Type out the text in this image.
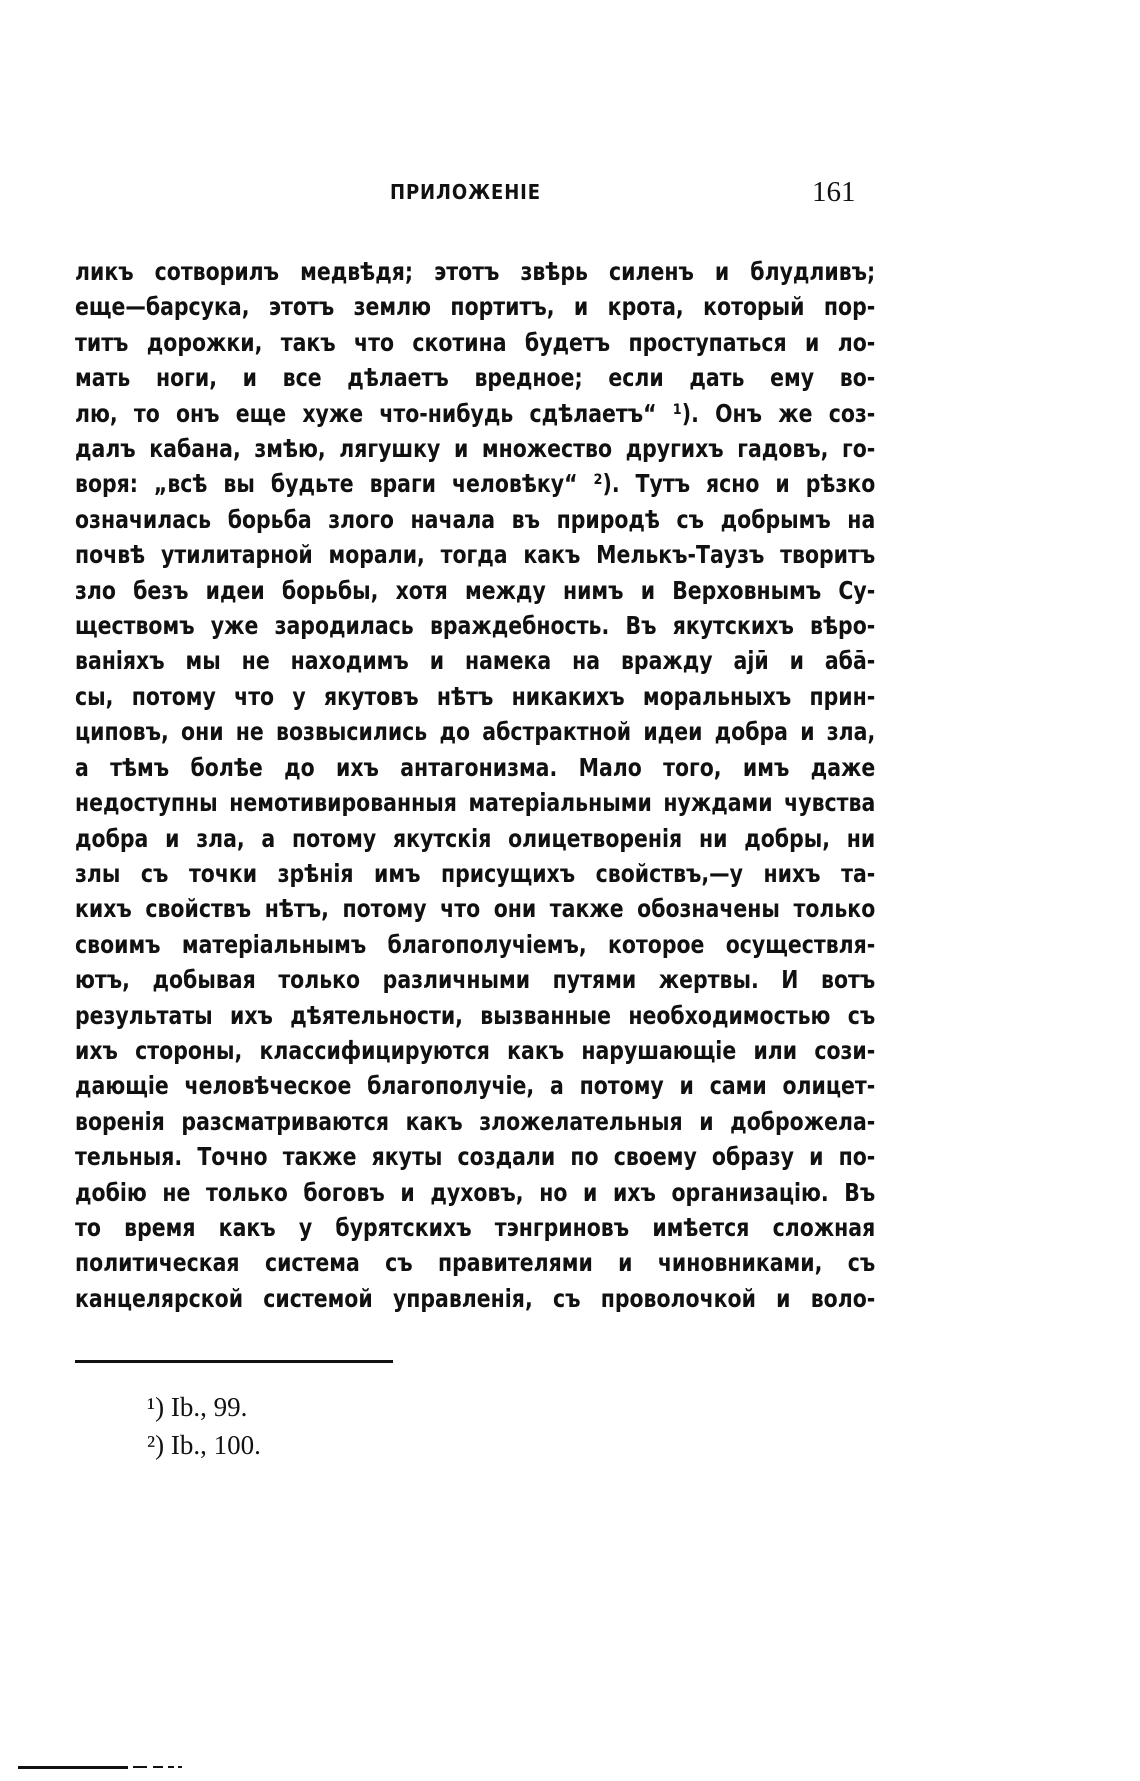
ПРИЛОЖЕНІЕ	161
ликъ сотворилъ медвѣдя; этотъ звѣрь силенъ и блудливъ;
еще—барсука, этотъ землю портитъ, и крота, который пор-
титъ дорожки, такъ что скотина будетъ проступаться и ло-
мать ноги, и все дѣлаетъ вредное; если дать ему во-
лю, то онъ еще хуже что-нибудь сдѣлаетъ“ ¹). Онъ же соз-
далъ кабана, змѣю, лягушку и множество другихъ гадовъ, го-
воря: „всѣ вы будьте враги человѣку“ ²). Тутъ ясно и рѣзко
означилась борьба злого начала въ природѣ съ добрымъ на
почвѣ утилитарной морали, тогда какъ Мелькъ-Таузъ творитъ
зло безъ идеи борьбы, хотя между нимъ и Верховнымъ Су-
ществомъ уже зародилась враждебность. Въ якутскихъ вѣро-
ваніяхъ мы не находимъ и намека на вражду аjӣ и абā-
сы, потому что у якутовъ нѣтъ никакихъ моральныхъ прин-
циповъ, они не возвысились до абстрактной идеи добра и зла,
а тѣмъ болѣе до ихъ антагонизма. Мало того, имъ даже
недоступны немотивированныя матеріальными нуждами чувства
добра и зла, а потому якутскія олицетворенія ни добры, ни
злы съ точки зрѣнія имъ присущихъ свойствъ,—у нихъ та-
кихъ свойствъ нѣтъ, потому что они также обозначены только
своимъ матеріальнымъ благополучіемъ, которое осуществля-
ютъ, добывая только различными путями жертвы. И вотъ
результаты ихъ дѣятельности, вызванные необходимостью съ
ихъ стороны, классифицируются какъ нарушающіе или сози-
дающіе человѣческое благополучіе, а потому и сами олицет-
воренія разсматриваются какъ зложелательныя и доброжела-
тельныя. Точно также якуты создали по своему образу и по-
добію не только боговъ и духовъ, но и ихъ организацію. Въ
то время какъ у бурятскихъ тэнгриновъ имѣется сложная
политическая система съ правителями и чиновниками, съ
канцелярской системой управленія, съ проволочкой и воло-
¹) Ib., 99.
²) Ib., 100.
